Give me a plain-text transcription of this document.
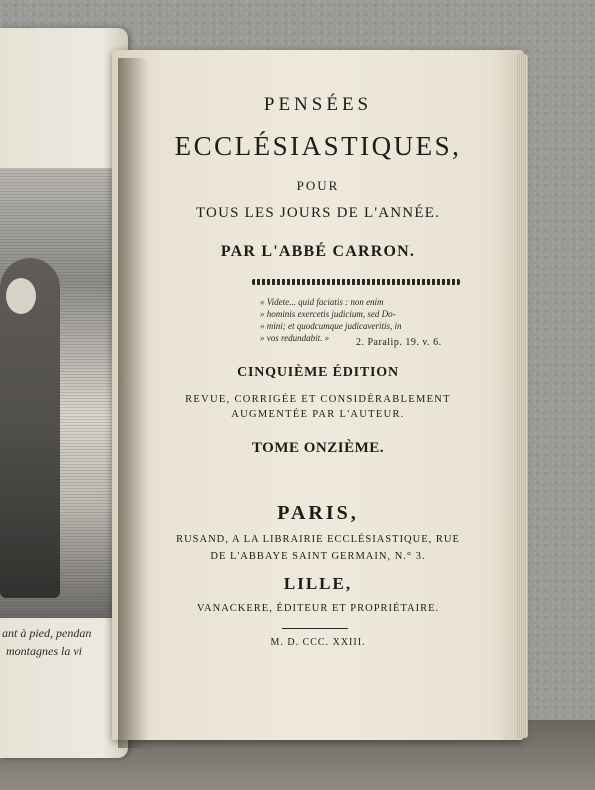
ant à pied, pendan
montagnes la vi
PENSÉES
ECCLÉSIASTIQUES,
POUR
TOUS LES JOURS DE L'ANNÉE.
PAR L'ABBÉ CARRON.
« Videte... quid faciatis : non enim
» hominis exercetis judicium, sed Do-
» mini; et quodcumque judicaveritis, in
» vos redundabit. »	2. Paralip. 19. v. 6.
CINQUIÈME ÉDITION
REVUE, CORRIGÉE ET CONSIDÉRABLEMENT
AUGMENTÉE PAR L'AUTEUR.
TOME ONZIÈME.
PARIS,
RUSAND, A LA LIBRAIRIE ECCLÉSIASTIQUE, RUE
DE L'ABBAYE SAINT GERMAIN, N.° 3.
LILLE,
VANACKERE, ÉDITEUR ET PROPRIÉTAIRE.
M. D. CCC. XXIII.
